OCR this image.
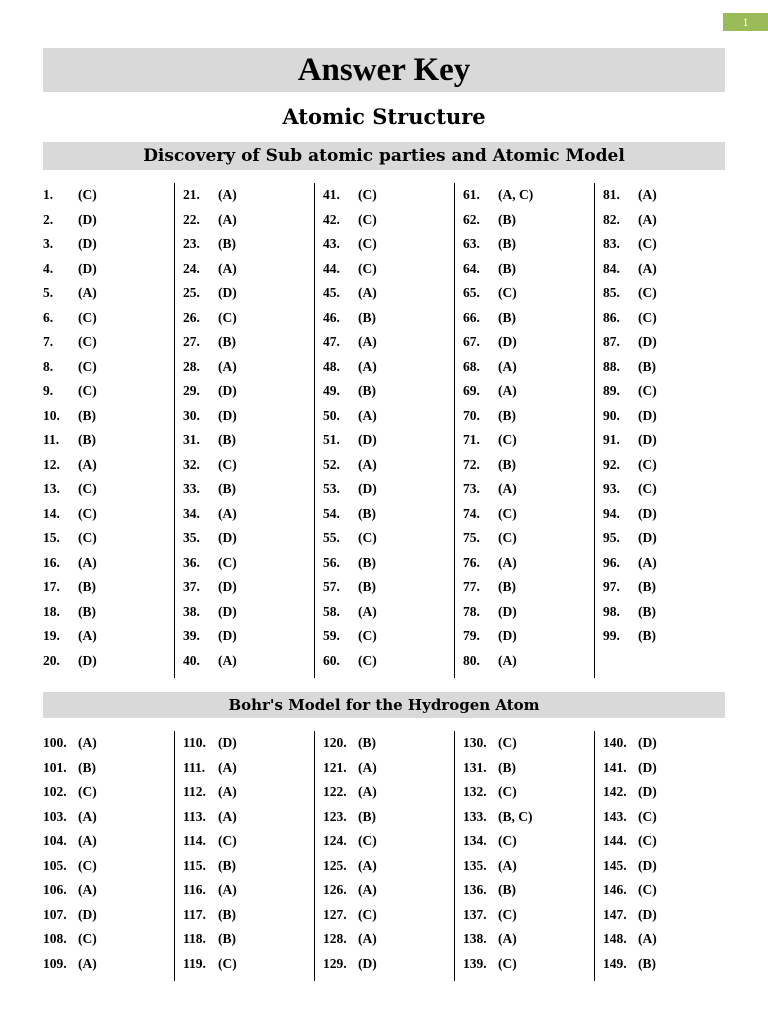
1
Answer Key
Atomic Structure
Discovery of Sub atomic parties and Atomic Model
1. (C)
2. (D)
3. (D)
4. (D)
5. (A)
6. (C)
7. (C)
8. (C)
9. (C)
10. (B)
11. (B)
12. (A)
13. (C)
14. (C)
15. (C)
16. (A)
17. (B)
18. (B)
19. (A)
20. (D)
21. (A)
22. (A)
23. (B)
24. (A)
25. (D)
26. (C)
27. (B)
28. (A)
29. (D)
30. (D)
31. (B)
32. (C)
33. (B)
34. (A)
35. (D)
36. (C)
37. (D)
38. (D)
39. (D)
40. (A)
41. (C)
42. (C)
43. (C)
44. (C)
45. (A)
46. (B)
47. (A)
48. (A)
49. (B)
50. (A)
51. (D)
52. (A)
53. (D)
54. (B)
55. (C)
56. (B)
57. (B)
58. (A)
59. (C)
60. (C)
61. (A, C)
62. (B)
63. (B)
64. (B)
65. (C)
66. (B)
67. (D)
68. (A)
69. (A)
70. (B)
71. (C)
72. (B)
73. (A)
74. (C)
75. (C)
76. (A)
77. (B)
78. (D)
79. (D)
80. (A)
81. (A)
82. (A)
83. (C)
84. (A)
85. (C)
86. (C)
87. (D)
88. (B)
89. (C)
90. (D)
91. (D)
92. (C)
93. (C)
94. (D)
95. (D)
96. (A)
97. (B)
98. (B)
99. (B)
Bohr's Model for the Hydrogen Atom
100. (A)
101. (B)
102. (C)
103. (A)
104. (A)
105. (C)
106. (A)
107. (D)
108. (C)
109. (A)
110. (D)
111. (A)
112. (A)
113. (A)
114. (C)
115. (B)
116. (A)
117. (B)
118. (B)
119. (C)
120. (B)
121. (A)
122. (A)
123. (B)
124. (C)
125. (A)
126. (A)
127. (C)
128. (A)
129. (D)
130. (C)
131. (B)
132. (C)
133. (B, C)
134. (C)
135. (A)
136. (B)
137. (C)
138. (A)
139. (C)
140. (D)
141. (D)
142. (D)
143. (C)
144. (C)
145. (D)
146. (C)
147. (D)
148. (A)
149. (B)
